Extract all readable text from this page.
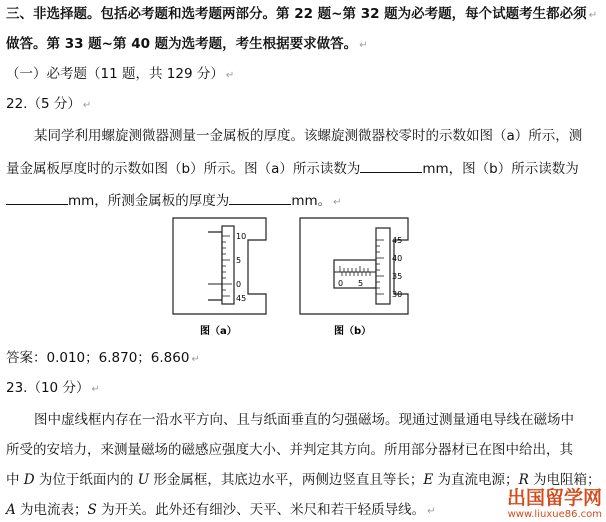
三、非选择题。包括必考题和选考题两部分。第 22 题~第 32 题为必考题，每个试题考生都必须 ↵
做答。第 33 题~第 40 题为选考题，考生根据要求做答。 ↵
（一）必考题（11 题，共 129 分） ↵
22.（5 分） ↵
某同学利用螺旋测微器测量一金属板的厚度。该螺旋测微器校零时的示数如图（a）所示，测
量金属板厚度时的示数如图（b）所示。图（a）所示读数为	mm，图（b）所示读数为
mm，所测金属板的厚度为	mm。 ↵
10
5
0
45
图（a）
0 5
45
40
35
30
图（b）
答案：0.010；6.870；6.860 ↵
23.（10 分） ↵
图中虚线框内存在一沿水平方向、且与纸面垂直的匀强磁场。现通过测量通电导线在磁场中
所受的安培力，来测量磁场的磁感应强度大小、并判定其方向。所用部分器材已在图中给出，其
中 D 为位于纸面内的 U 形金属框，其底边水平，两侧边竖直且等长；E 为直流电源；R 为电阻箱；
A 为电流表；S 为开关。此外还有细沙、天平、米尺和若干轻质导线。 ↵
出国留学网
www.liuxue86.com
